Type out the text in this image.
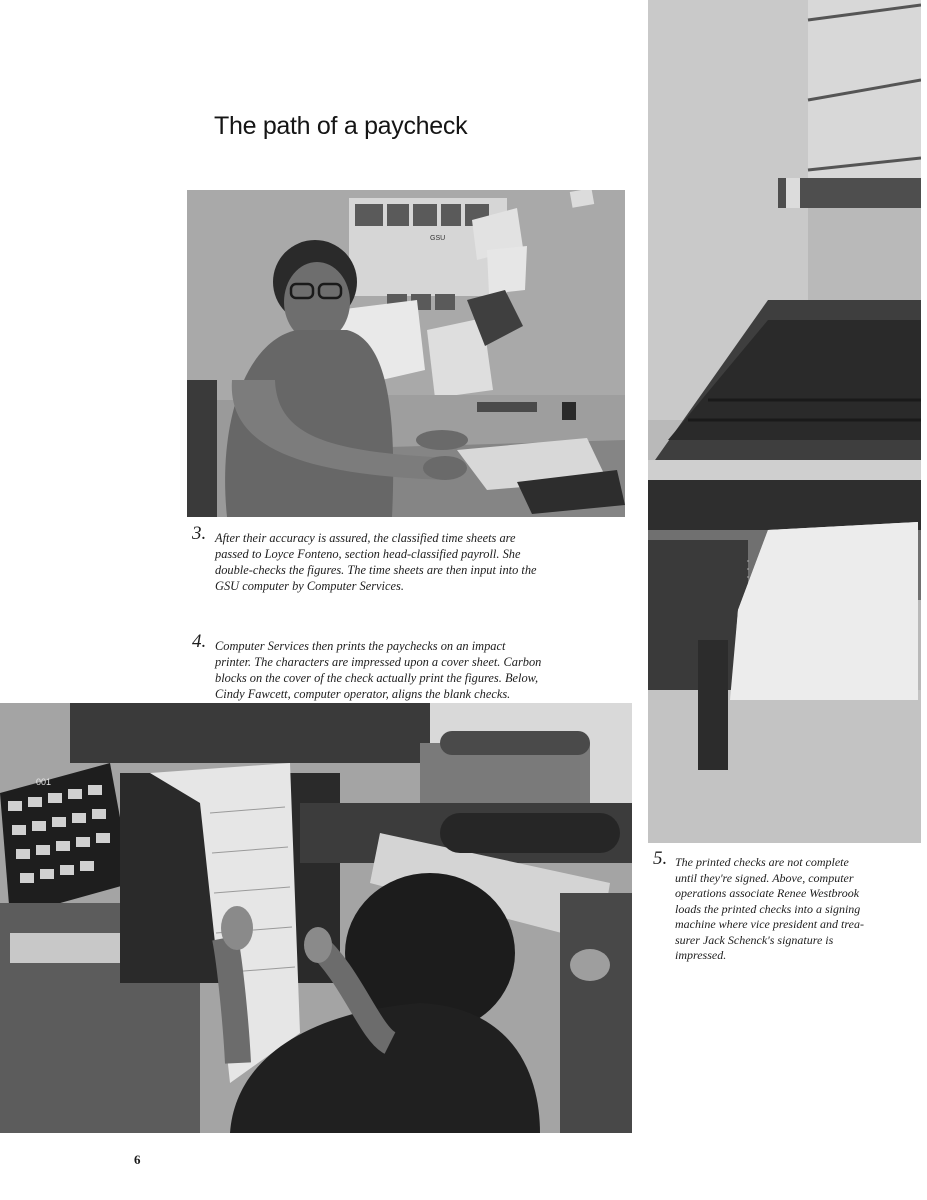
The path of a paycheck
GSU
3. After their accuracy is assured, the classified time sheets are
passed to Loyce Fonteno, section head-classified payroll. She
double-checks the figures. The time sheets are then input into the
GSU computer by Computer Services.
4. Computer Services then prints the paychecks on an impact
printer. The characters are impressed upon a cover sheet. Carbon
blocks on the cover of the check actually print the figures. Below,
Cindy Fawcett, computer operator, aligns the blank checks.
5. The printed checks are not complete
until they're signed. Above, computer
operations associate Renee Westbrook
loads the printed checks into a signing
machine where vice president and trea-
surer Jack Schenck's signature is
impressed.
001
6
